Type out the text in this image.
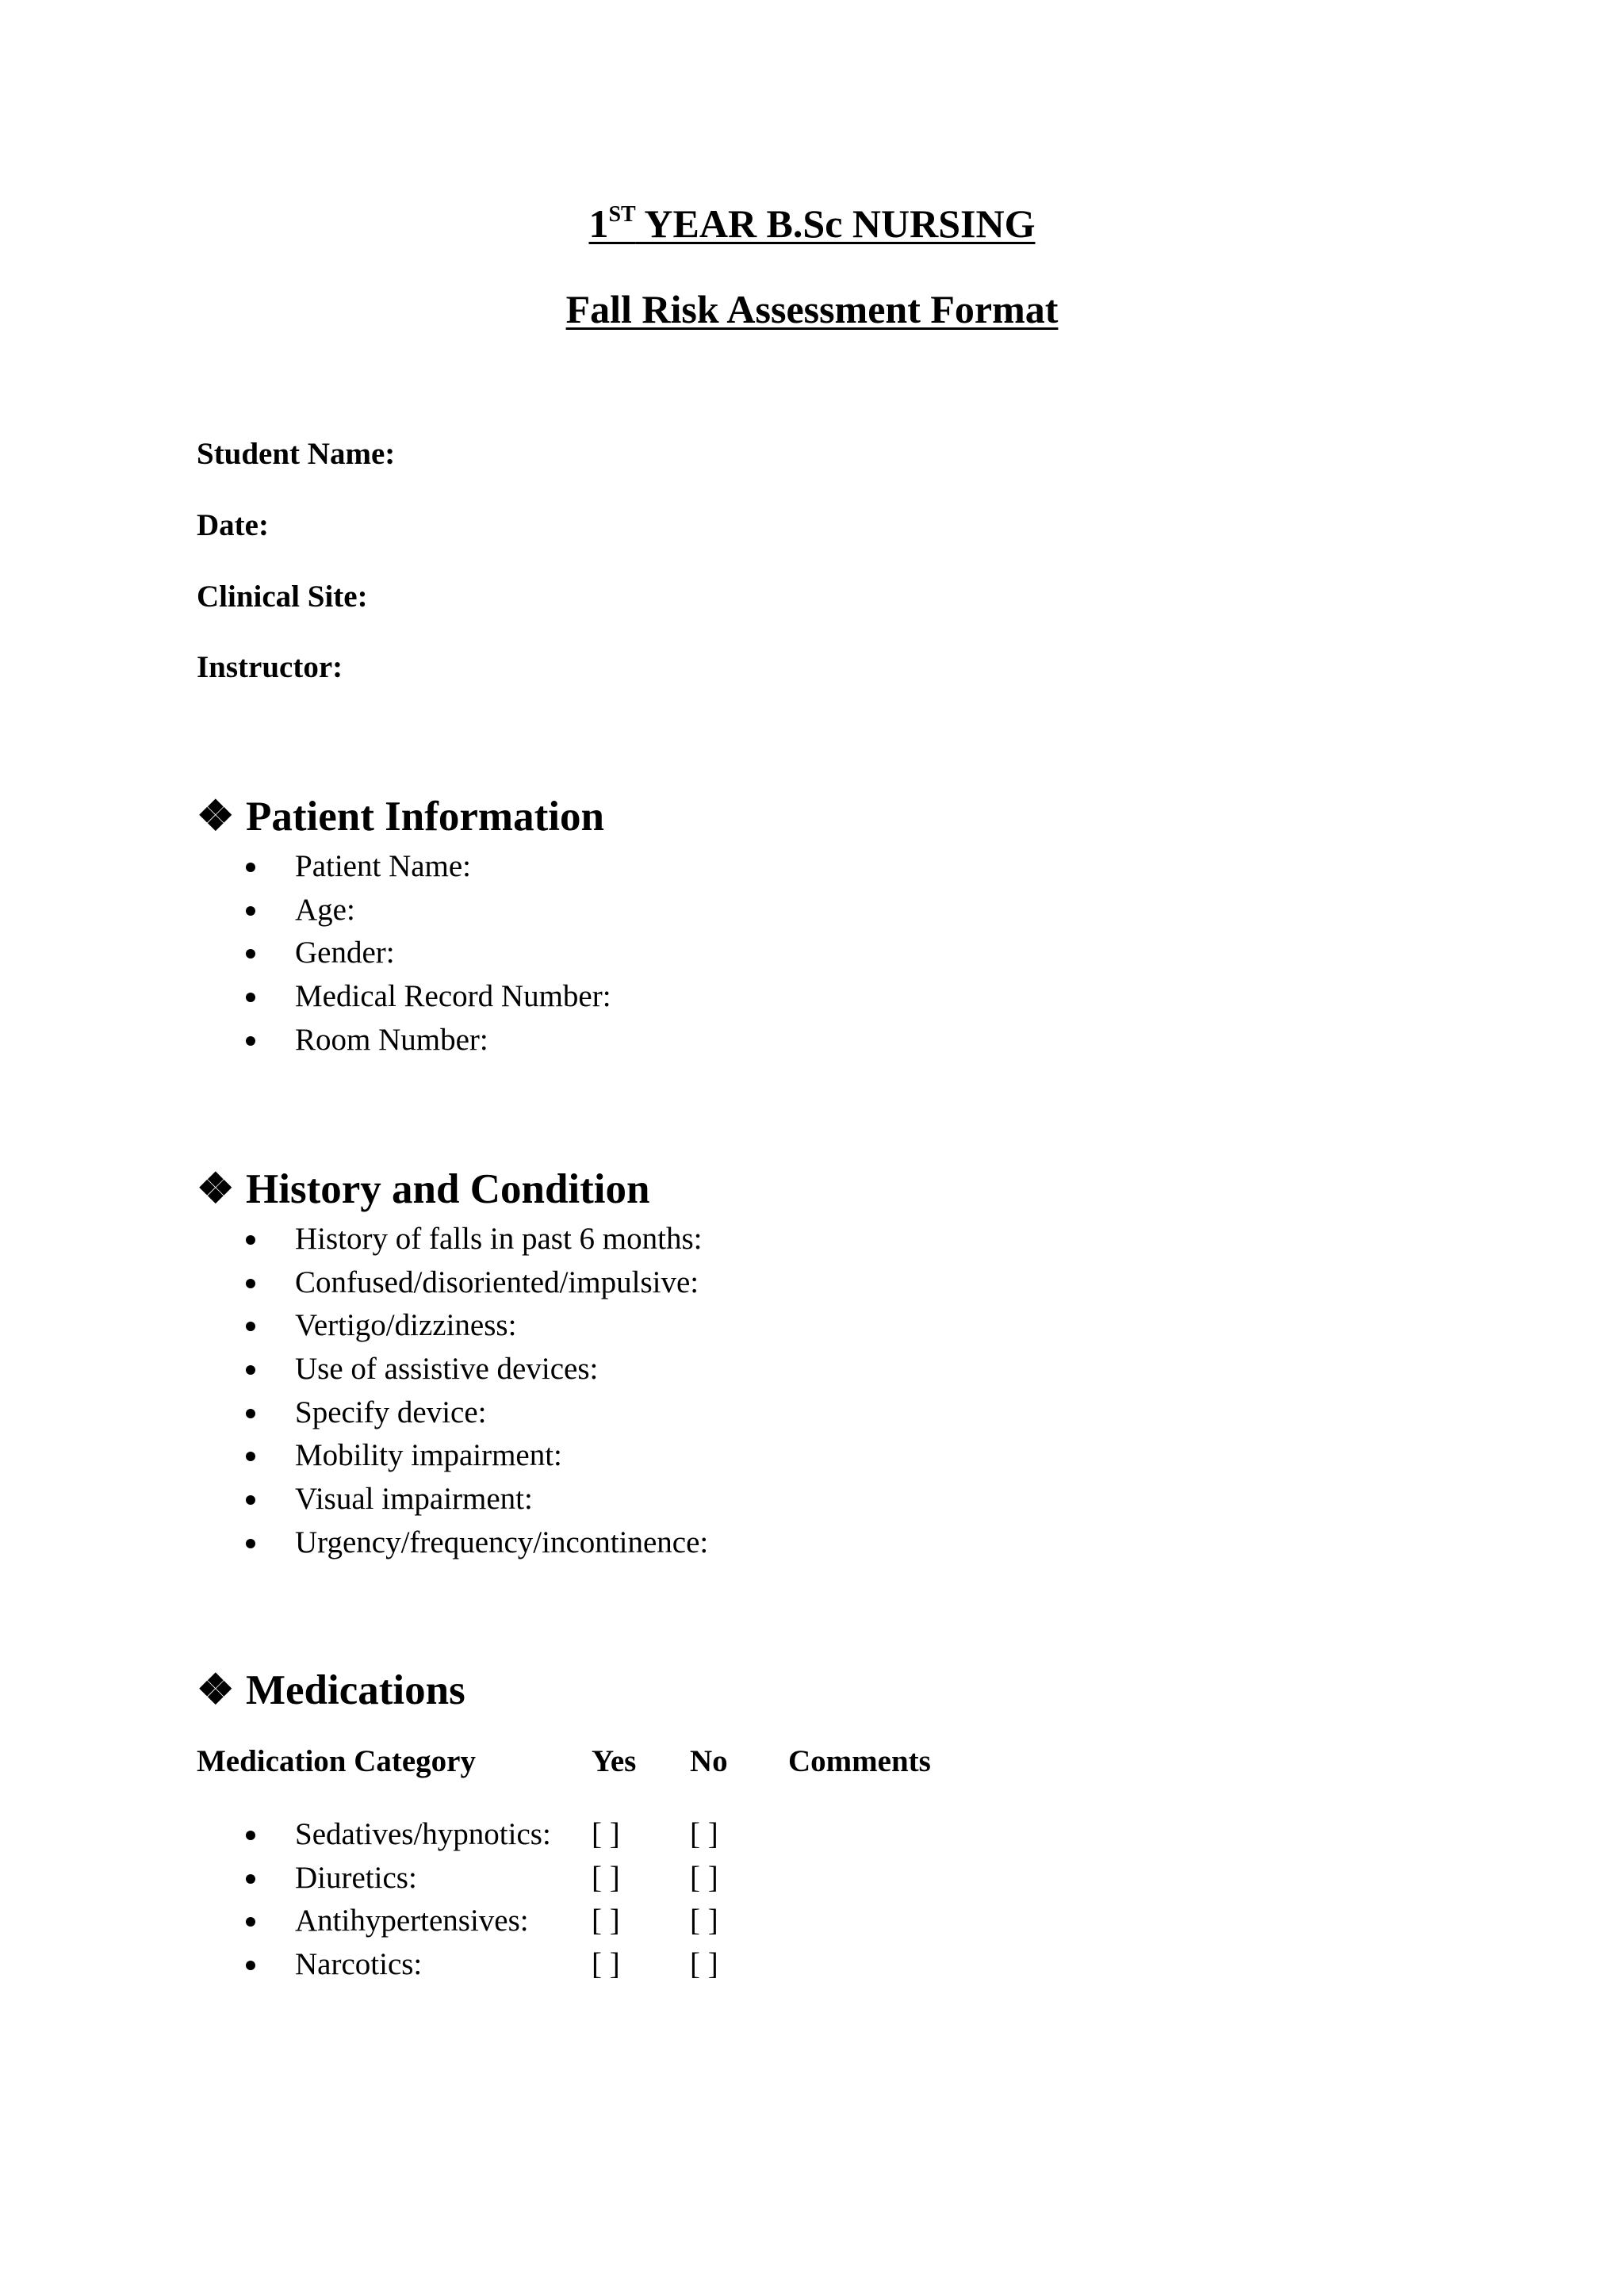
1ST YEAR B.Sc NURSING
Fall Risk Assessment Format
Student Name:
Date:
Clinical Site:
Instructor:
❖ Patient Information
Patient Name:
Age:
Gender:
Medical Record Number:
Room Number:
❖ History and Condition
History of falls in past 6 months:
Confused/disoriented/impulsive:
Vertigo/dizziness:
Use of assistive devices:
Specify device:
Mobility impairment:
Visual impairment:
Urgency/frequency/incontinence:
❖ Medications
Medication Category	Yes No Comments
Sedatives/hypnotics: [ ] [ ]
Diuretics:	[ ] [ ]
Antihypertensives: [ ] [ ]
Narcotics:	[ ] [ ]
